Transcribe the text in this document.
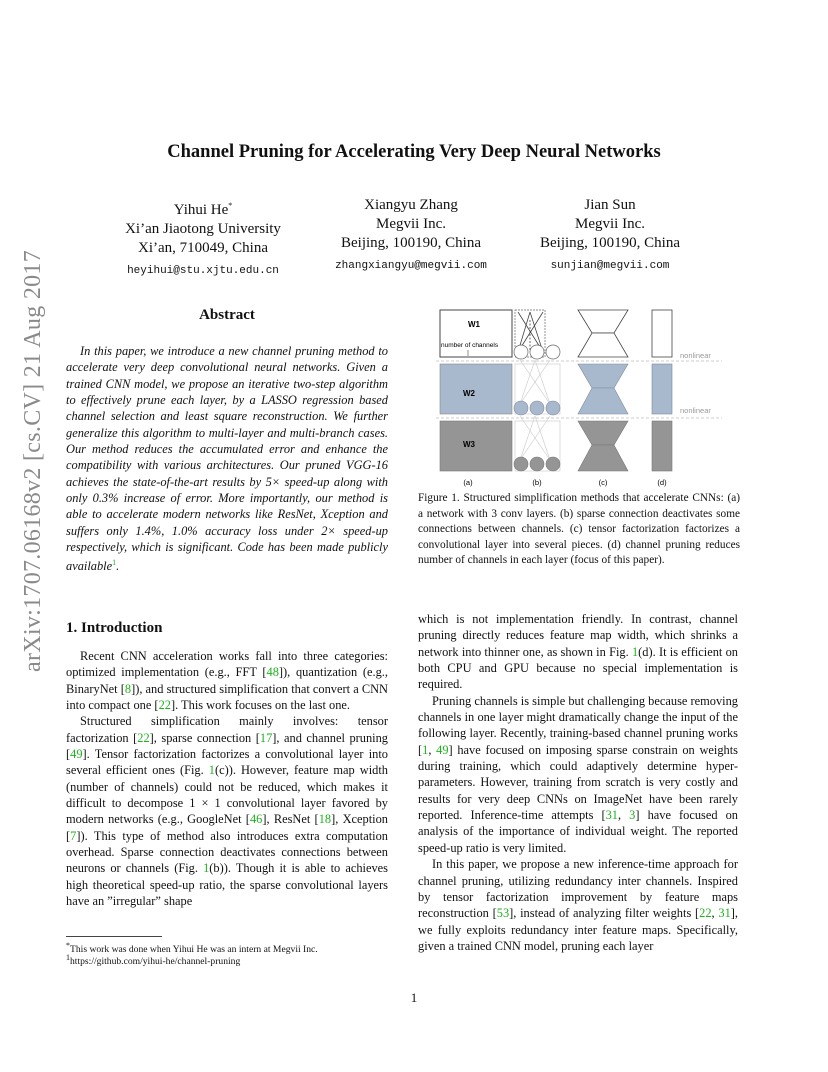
arXiv:1707.06168v2 [cs.CV] 21 Aug 2017
Channel Pruning for Accelerating Very Deep Neural Networks
Yihui He*
Xi’an Jiaotong University
Xi’an, 710049, China
heyihui@stu.xjtu.edu.cn
Xiangyu Zhang
Megvii Inc.
Beijing, 100190, China
zhangxiangyu@megvii.com
Jian Sun
Megvii Inc.
Beijing, 100190, China
sunjian@megvii.com
Abstract
In this paper, we introduce a new channel pruning method to accelerate very deep convolutional neural networks. Given a trained CNN model, we propose an iterative two-step algorithm to effectively prune each layer, by a LASSO regression based channel selection and least square reconstruction. We further generalize this algorithm to multi-layer and multi-branch cases. Our method reduces the accumulated error and enhance the compatibility with various architectures. Our pruned VGG-16 achieves the state-of-the-art results by 5× speed-up along with only 0.3% increase of error. More importantly, our method is able to accelerate modern networks like ResNet, Xception and suffers only 1.4%, 1.0% accuracy loss under 2× speed-up respectively, which is significant. Code has been made publicly available$^1$.
W1
number of channels
W2
W3
nonlinear
nonlinear
(a)	(b)	(c)	(d)
Figure 1. Structured simplification methods that accelerate CNNs: (a) a network with 3 conv layers. (b) sparse connection deactivates some connections between channels. (c) tensor factorization factorizes a convolutional layer into several pieces. (d) channel pruning reduces number of channels in each layer (focus of this paper).
1. Introduction

Recent CNN acceleration works fall into three categories: optimized implementation (e.g., FFT [48]), quantization (e.g., BinaryNet [8]), and structured simplification that convert a CNN into compact one [22]. This work focuses on the last one.

Structured simplification mainly involves: tensor factorization [22], sparse connection [17], and channel pruning [49]. Tensor factorization factorizes a convolutional layer into several efficient ones (Fig. 1(c)). However, feature map width (number of channels) could not be reduced, which makes it difficult to decompose 1 × 1 convolutional layer favored by modern networks (e.g., GoogleNet [46], ResNet [18], Xception [7]). This type of method also introduces extra computation overhead. Sparse connection deactivates connections between neurons or channels (Fig. 1(b)). Though it is able to achieves high theoretical speed-up ratio, the sparse convolutional layers have an ”irregular” shape

which is not implementation friendly. In contrast, channel pruning directly reduces feature map width, which shrinks a network into thinner one, as shown in Fig. 1(d). It is efficient on both CPU and GPU because no special implementation is required.

Pruning channels is simple but challenging because removing channels in one layer might dramatically change the input of the following layer. Recently, training-based channel pruning works [1, 49] have focused on imposing sparse constrain on weights during training, which could adaptively determine hyper-parameters. However, training from scratch is very costly and results for very deep CNNs on ImageNet have been rarely reported. Inference-time attempts [31, 3] have focused on analysis of the importance of individual weight. The reported speed-up ratio is very limited.

In this paper, we propose a new inference-time approach for channel pruning, utilizing redundancy inter channels. Inspired by tensor factorization improvement by feature maps reconstruction [53], instead of analyzing filter weights [22, 31], we fully exploits redundancy inter feature maps. Specifically, given a trained CNN model, pruning each layer

*This work was done when Yihui He was an intern at Megvii Inc.
$^1$https://github.com/yihui-he/channel-pruning
1
